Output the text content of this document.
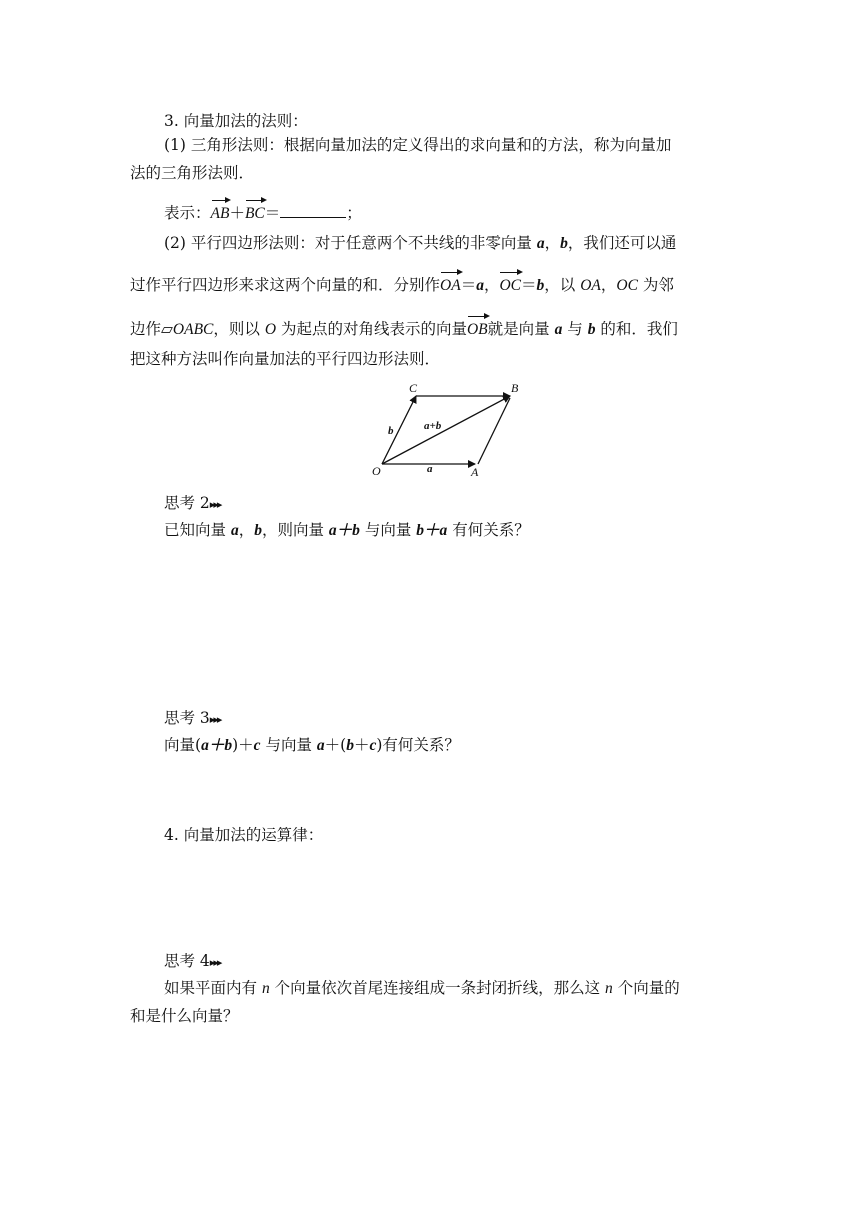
3. 向量加法的法则：
(1) 三角形法则：根据向量加法的定义得出的求向量和的方法，称为向量加
法的三角形法则．
表示：AB＋BC＝	；
(2) 平行四边形法则：对于任意两个不共线的非零向量 a，b，我们还可以通
过作平行四边形来求这两个向量的和．分别作OA＝a，OC＝b，以 OA，OC 为邻
边作▱OABC，则以 O 为起点的对角线表示的向量OB就是向量 a 与 b 的和．我们
把这种方法叫作向量加法的平行四边形法则．
O	A
B
C
a
b	a+b
思考 2▸▸▸
已知向量 a，b，则向量 a＋b 与向量 b＋a 有何关系？
思考 3▸▸▸
向量(a＋b)＋c 与向量 a＋(b＋c)有何关系？
4. 向量加法的运算律：
思考 4▸▸▸
如果平面内有 n 个向量依次首尾连接组成一条封闭折线，那么这 n 个向量的
和是什么向量？
